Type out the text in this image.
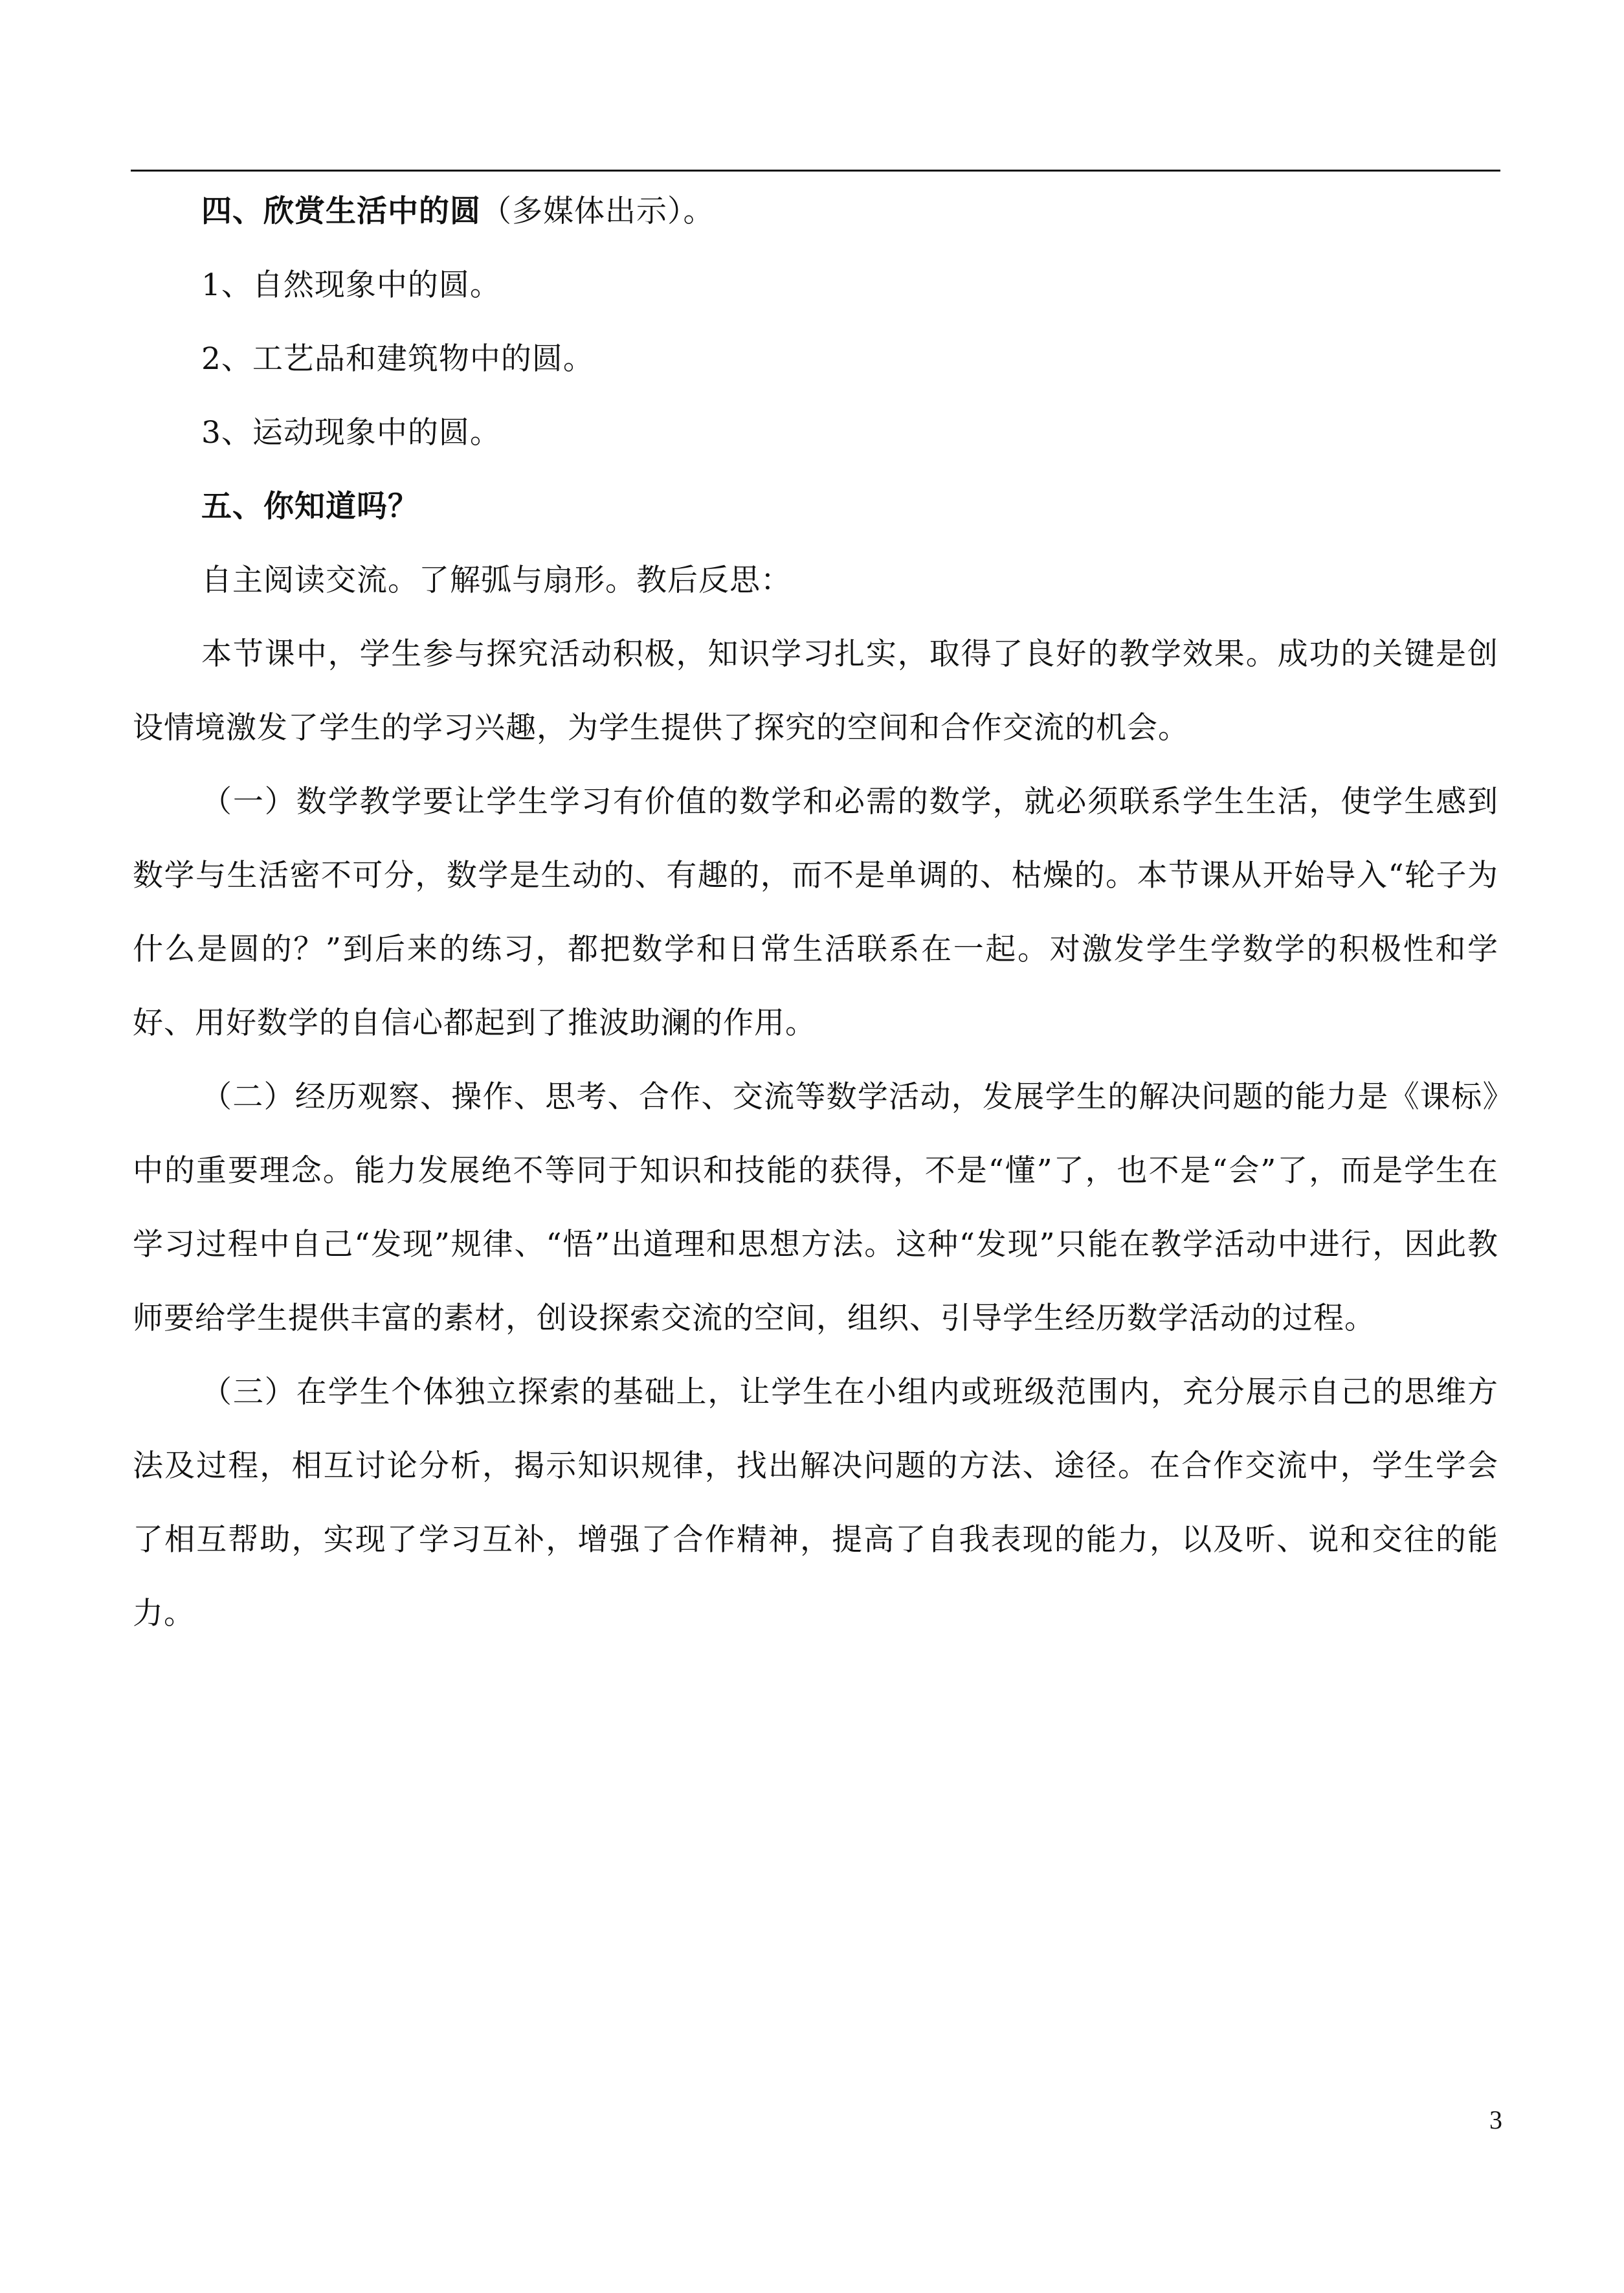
四、欣赏生活中的圆（多媒体出示）。

1、自然现象中的圆。

2、工艺品和建筑物中的圆。

3、运动现象中的圆。

五、你知道吗？

自主阅读交流。了解弧与扇形。教后反思：

本节课中，学生参与探究活动积极，知识学习扎实，取得了良好的教学效果。成功的关键是创设情境激发了学生的学习兴趣，为学生提供了探究的空间和合作交流的机会。

（一）数学教学要让学生学习有价值的数学和必需的数学，就必须联系学生生活，使学生感到数学与生活密不可分，数学是生动的、有趣的，而不是单调的、枯燥的。本节课从开始导入“轮子为什么是圆的？”到后来的练习，都把数学和日常生活联系在一起。对激发学生学数学的积极性和学好、用好数学的自信心都起到了推波助澜的作用。

（二）经历观察、操作、思考、合作、交流等数学活动，发展学生的解决问题的能力是《课标》中的重要理念。能力发展绝不等同于知识和技能的获得，不是“懂”了，也不是“会”了，而是学生在学习过程中自己“发现”规律、“悟”出道理和思想方法。这种“发现”只能在教学活动中进行，因此教师要给学生提供丰富的素材，创设探索交流的空间，组织、引导学生经历数学活动的过程。

（三）在学生个体独立探索的基础上，让学生在小组内或班级范围内，充分展示自己的思维方法及过程，相互讨论分析，揭示知识规律，找出解决问题的方法、途径。在合作交流中，学生学会了相互帮助，实现了学习互补，增强了合作精神，提高了自我表现的能力，以及听、说和交往的能力。

3
